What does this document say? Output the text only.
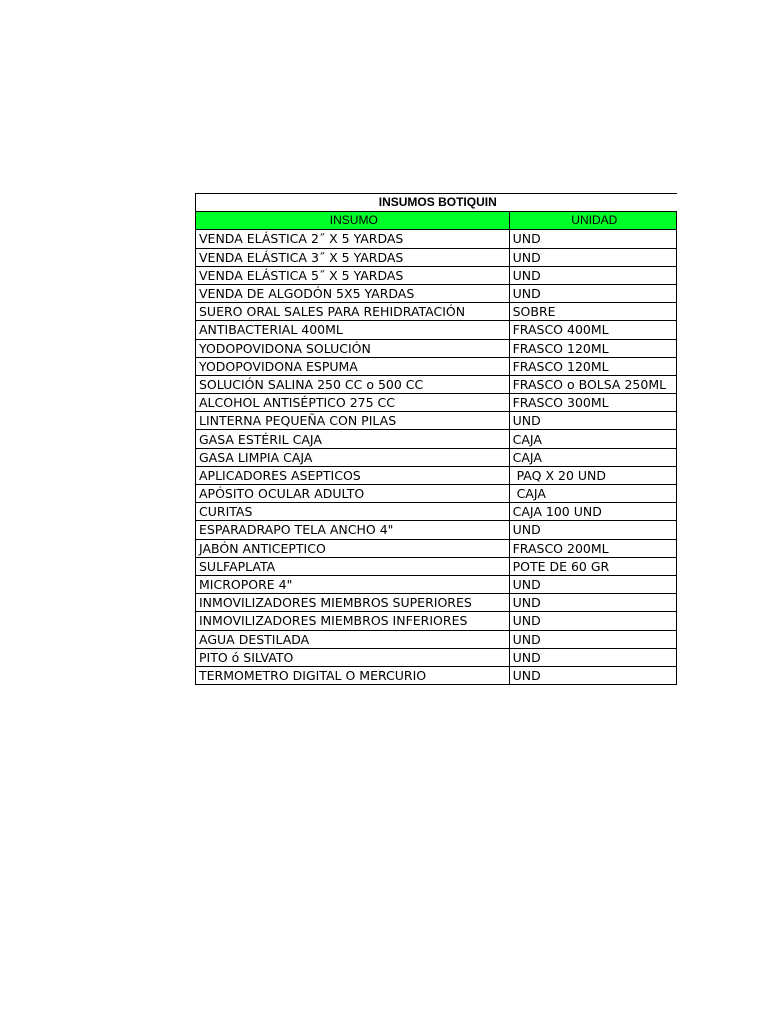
INSUMOS BOTIQUIN	
INSUMO	UNIDAD
VENDA ELÁSTICA 2˝ X 5 YARDAS	UND
VENDA ELÁSTICA 3˝ X 5 YARDAS	UND
VENDA ELÁSTICA 5˝ X 5 YARDAS	UND
VENDA DE ALGODÓN 5X5 YARDAS	UND
SUERO ORAL SALES PARA REHIDRATACIÓN	SOBRE
ANTIBACTERIAL 400ML	FRASCO 400ML
YODOPOVIDONA SOLUCIÓN	FRASCO 120ML
YODOPOVIDONA ESPUMA	FRASCO 120ML
SOLUCIÓN SALINA 250 CC o 500 CC	FRASCO o BOLSA 250ML
ALCOHOL ANTISÉPTICO 275 CC	FRASCO 300ML
LINTERNA PEQUEÑA CON PILAS	UND
GASA ESTÉRIL CAJA	CAJA
GASA LIMPIA CAJA	CAJA
APLICADORES ASEPTICOS	PAQ X 20 UND
APÓSITO OCULAR ADULTO	CAJA
CURITAS	CAJA 100 UND
ESPARADRAPO TELA ANCHO 4"	UND
JABÓN ANTICEPTICO	FRASCO 200ML
SULFAPLATA	POTE DE 60 GR
MICROPORE 4"	UND
INMOVILIZADORES MIEMBROS SUPERIORES	UND
INMOVILIZADORES MIEMBROS INFERIORES	UND
AGUA DESTILADA	UND
PITO ó SILVATO	UND
TERMOMETRO DIGITAL O MERCURIO	UND
